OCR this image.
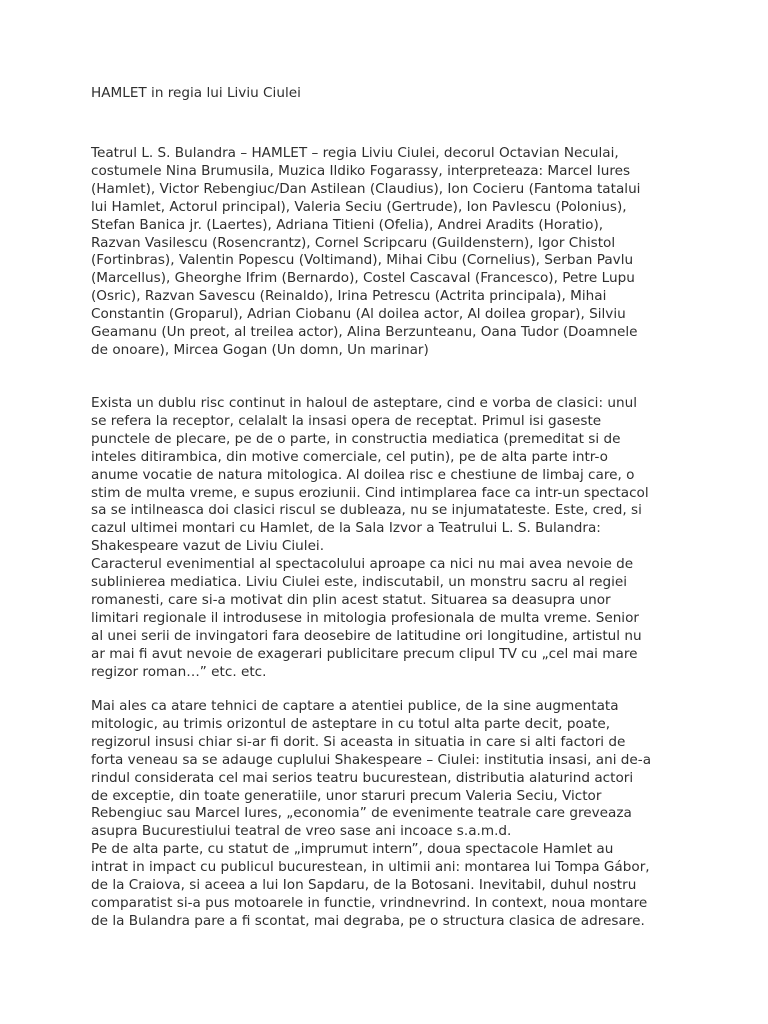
HAMLET in regia lui Liviu Ciulei

Teatrul L. S. Bulandra – HAMLET – regia Liviu Ciulei, decorul Octavian Neculai,
costumele Nina Brumusila, Muzica Ildiko Fogarassy, interpreteaza: Marcel Iures
(Hamlet), Victor Rebengiuc/Dan Astilean (Claudius), Ion Cocieru (Fantoma tatalui
lui Hamlet, Actorul principal), Valeria Seciu (Gertrude), Ion Pavlescu (Polonius),
Stefan Banica jr. (Laertes), Adriana Titieni (Ofelia), Andrei Aradits (Horatio),
Razvan Vasilescu (Rosencrantz), Cornel Scripcaru (Guildenstern), Igor Chistol
(Fortinbras), Valentin Popescu (Voltimand), Mihai Cibu (Cornelius), Serban Pavlu
(Marcellus), Gheorghe Ifrim (Bernardo), Costel Cascaval (Francesco), Petre Lupu
(Osric), Razvan Savescu (Reinaldo), Irina Petrescu (Actrita principala), Mihai
Constantin (Groparul), Adrian Ciobanu (Al doilea actor, Al doilea gropar), Silviu
Geamanu (Un preot, al treilea actor), Alina Berzunteanu, Oana Tudor (Doamnele
de onoare), Mircea Gogan (Un domn, Un marinar)

Exista un dublu risc continut in haloul de asteptare, cind e vorba de clasici: unul
se refera la receptor, celalalt la insasi opera de receptat. Primul isi gaseste
punctele de plecare, pe de o parte, in constructia mediatica (premeditat si de
inteles ditirambica, din motive comerciale, cel putin), pe de alta parte intr-o
anume vocatie de natura mitologica. Al doilea risc e chestiune de limbaj care, o
stim de multa vreme, e supus eroziunii. Cind intimplarea face ca intr-un spectacol
sa se intilneasca doi clasici riscul se dubleaza, nu se injumatateste. Este, cred, si
cazul ultimei montari cu Hamlet, de la Sala Izvor a Teatrului L. S. Bulandra:
Shakespeare vazut de Liviu Ciulei.
Caracterul evenimential al spectacolului aproape ca nici nu mai avea nevoie de
sublinierea mediatica. Liviu Ciulei este, indiscutabil, un monstru sacru al regiei
romanesti, care si-a motivat din plin acest statut. Situarea sa deasupra unor
limitari regionale il introdusese in mitologia profesionala de multa vreme. Senior
al unei serii de invingatori fara deosebire de latitudine ori longitudine, artistul nu
ar mai fi avut nevoie de exagerari publicitare precum clipul TV cu „cel mai mare
regizor roman…” etc. etc.

Mai ales ca atare tehnici de captare a atentiei publice, de la sine augmentata
mitologic, au trimis orizontul de asteptare in cu totul alta parte decit, poate,
regizorul insusi chiar si-ar fi dorit. Si aceasta in situatia in care si alti factori de
forta veneau sa se adauge cuplului Shakespeare – Ciulei: institutia insasi, ani de-a
rindul considerata cel mai serios teatru bucurestean, distributia alaturind actori
de exceptie, din toate generatiile, unor staruri precum Valeria Seciu, Victor
Rebengiuc sau Marcel Iures, „economia” de evenimente teatrale care greveaza
asupra Bucurestiului teatral de vreo sase ani incoace s.a.m.d.
Pe de alta parte, cu statut de „imprumut intern”, doua spectacole Hamlet au
intrat in impact cu publicul bucurestean, in ultimii ani: montarea lui Tompa Gábor,
de la Craiova, si aceea a lui Ion Sapdaru, de la Botosani. Inevitabil, duhul nostru
comparatist si-a pus motoarele in functie, vrindnevrind. In context, noua montare
de la Bulandra pare a fi scontat, mai degraba, pe o structura clasica de adresare.
